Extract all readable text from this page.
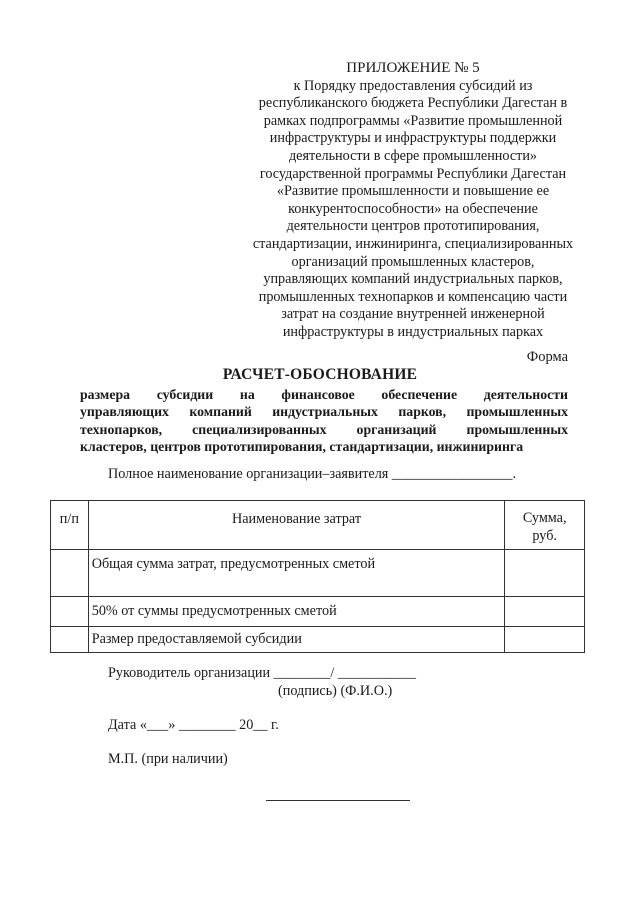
ПРИЛОЖЕНИЕ № 5
к Порядку предоставления субсидий из
республиканского бюджета Республики Дагестан в
рамках подпрограммы «Развитие промышленной
инфраструктуры и инфраструктуры поддержки
деятельности в сфере промышленности»
государственной программы Республики Дагестан
«Развитие промышленности и повышение ее
конкурентоспособности» на обеспечение
деятельности центров прототипирования,
стандартизации, инжиниринга, специализированных
организаций промышленных кластеров,
управляющих компаний индустриальных парков,
промышленных технопарков и компенсацию части
затрат на создание внутренней инженерной
инфраструктуры в индустриальных парках
Форма
РАСЧЕТ-ОБОСНОВАНИЕ
размера субсидии на финансовое обеспечение деятельности
управляющих компаний индустриальных парков, промышленных
технопарков, специализированных организаций промышленных
кластеров, центров прототипирования, стандартизации, инжиниринга
Полное наименование организации–заявителя _________________.
п/п	Наименование затрат	Сумма,
руб.
	Общая сумма затрат, предусмотренных сметой	
	50% от суммы предусмотренных сметой	
	Размер предоставляемой субсидии	
Руководитель организации ________/ ___________
(подпись) (Ф.И.О.)
Дата «___» ________ 20__ г.
М.П. (при наличии)
